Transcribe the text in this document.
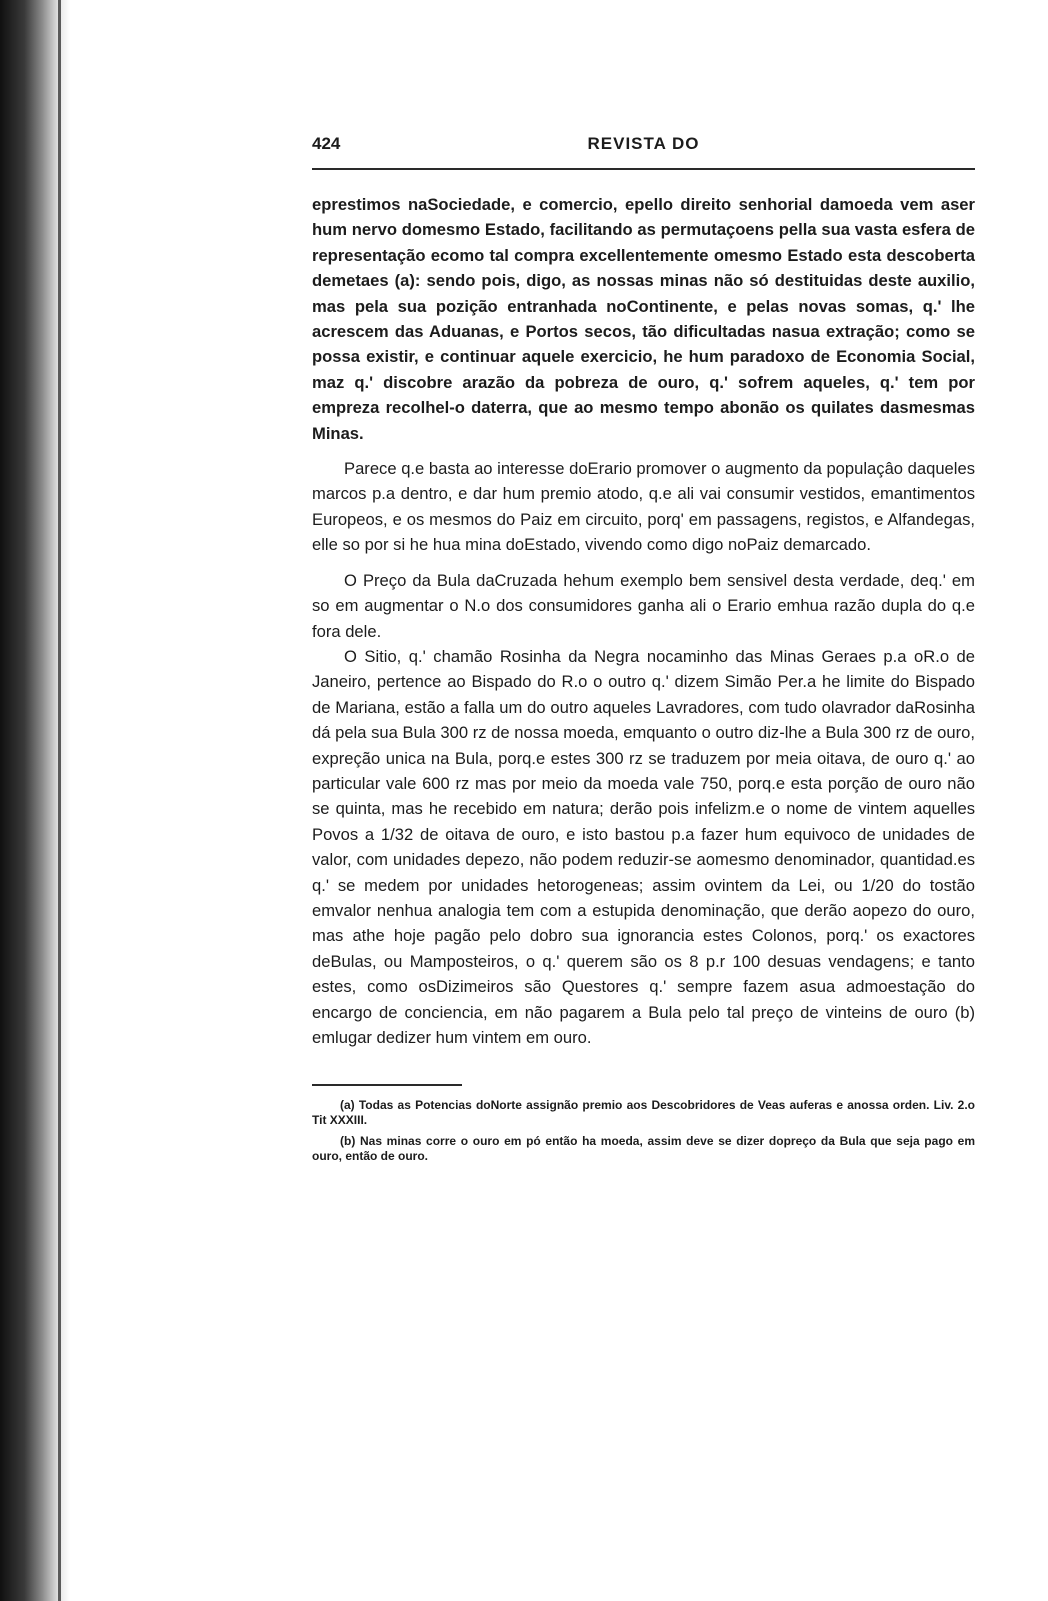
424	REVISTA DO

eprestimos naSociedade, e comercio, epello direito senhorial damoeda vem aser hum nervo domesmo Estado, facilitando as permutaçoens pella sua vasta esfera de representação ecomo tal compra excellentemente omesmo Estado esta descoberta demetaes (a): sendo pois, digo, as nossas minas não só destituidas deste auxilio, mas pela sua pozição entranhada noContinente, e pelas novas somas, q.' lhe acrescem das Aduanas, e Portos secos, tão dificultadas nasua extração; como se possa existir, e continuar aquele exercicio, he hum paradoxo de Economia Social, maz q.' discobre arazão da pobreza de ouro, q.' sofrem aqueles, q.' tem por empreza recolhel-o daterra, que ao mesmo tempo abonão os quilates dasmesmas Minas.

Parece q.e basta ao interesse doErario promover o augmento da populaçâo daqueles marcos p.a dentro, e dar hum premio atodo, q.e ali vai consumir vestidos, emantimentos Europeos, e os mesmos do Paiz em circuito, porq' em passagens, registos, e Alfandegas, elle so por si he hua mina doEstado, vivendo como digo noPaiz demarcado.

O Preço da Bula daCruzada hehum exemplo bem sensivel desta verdade, deq.' em so em augmentar o N.o dos consumidores ganha ali o Erario emhua razão dupla do q.e fora dele.

O Sitio, q.' chamão Rosinha da Negra nocaminho das Minas Geraes p.a oR.o de Janeiro, pertence ao Bispado do R.o o outro q.' dizem Simão Per.a he limite do Bispado de Mariana, estão a falla um do outro aqueles Lavradores, com tudo olavrador daRosinha dá pela sua Bula 300 rz de nossa moeda, emquanto o outro diz-lhe a Bula 300 rz de ouro, expreção unica na Bula, porq.e estes 300 rz se traduzem por meia oitava, de ouro q.' ao particular vale 600 rz mas por meio da moeda vale 750, porq.e esta porção de ouro não se quinta, mas he recebido em natura; derão pois infelizm.e o nome de vintem aquelles Povos a 1/32 de oitava de ouro, e isto bastou p.a fazer hum equivoco de unidades de valor, com unidades depezo, não podem reduzir-se aomesmo denominador, quantidad.es q.' se medem por unidades hetorogeneas; assim ovintem da Lei, ou 1/20 do tostão emvalor nenhua analogia tem com a estupida denominação, que derão aopezo do ouro, mas athe hoje pagão pelo dobro sua ignorancia estes Colonos, porq.' os exactores deBulas, ou Mamposteiros, o q.' querem são os 8 p.r 100 desuas vendagens; e tanto estes, como osDizimeiros são Questores q.' sempre fazem asua admoestação do encargo de conciencia, em não pagarem a Bula pelo tal preço de vinteins de ouro (b) emlugar dedizer hum vintem em ouro.

(a) Todas as Potencias doNorte assignão premio aos Descobridores de Veas auferas e anossa orden. Liv. 2.o Tit XXXIII.

(b) Nas minas corre o ouro em pó então ha moeda, assim deve se dizer dopreço da Bula que seja pago em ouro, então de ouro.
